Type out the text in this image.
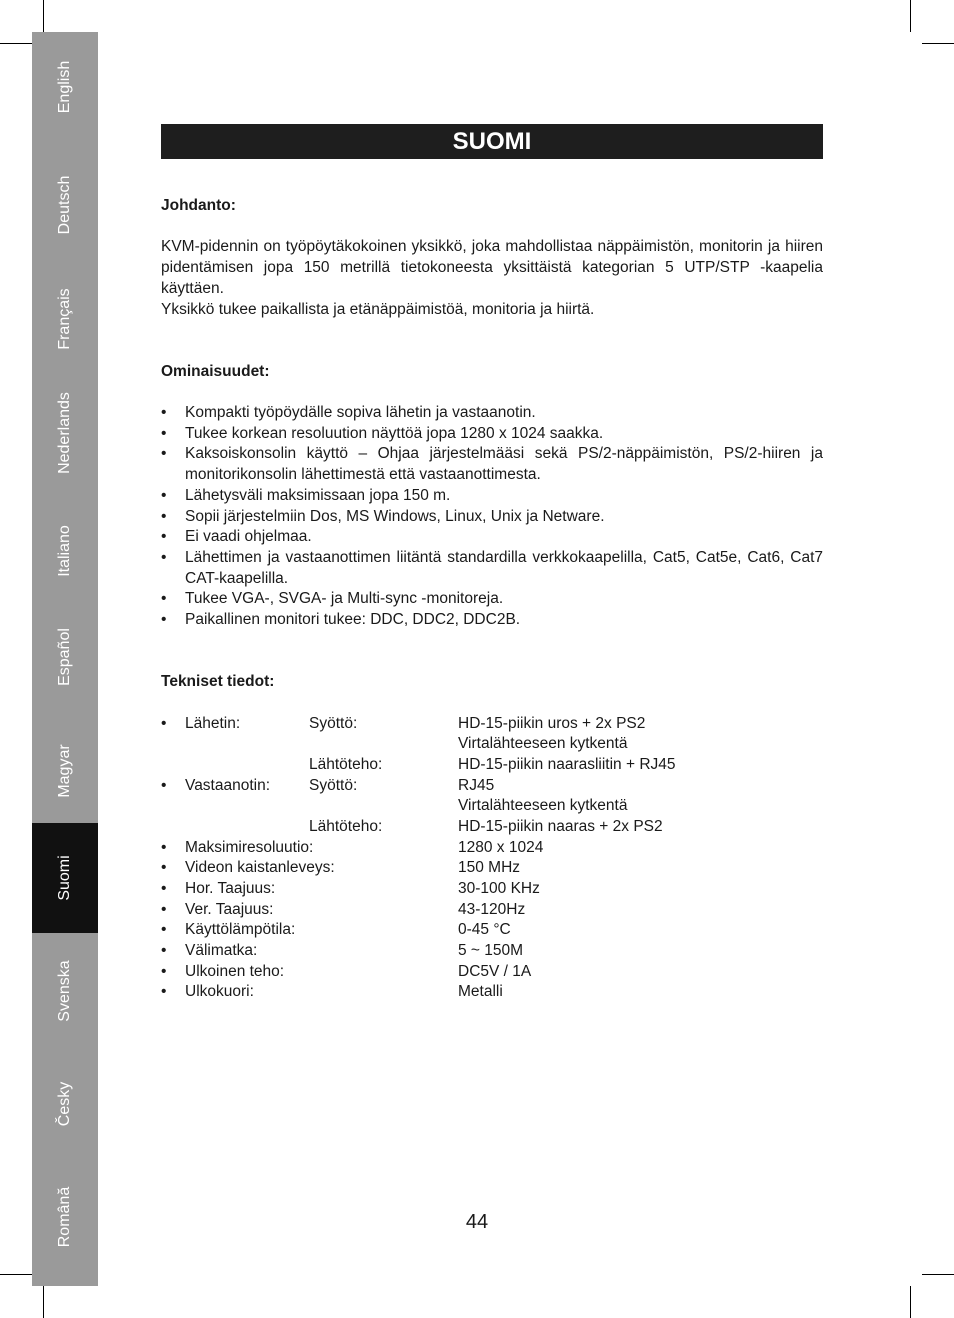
English
Deutsch
Français
Nederlands
Italiano
Español
Magyar
Suomi
Svenska
Česky
Română
SUOMI

Johdanto:

KVM-pidennin on työpöytäkokoinen yksikkö, joka mahdollistaa näppäimistön, monitorin ja hiiren pidentämisen jopa 150 metrillä tietokoneesta yksittäistä kategorian 5 UTP/STP -kaapelia käyttäen.

Yksikkö tukee paikallista ja etänäppäimistöä, monitoria ja hiirtä.

Ominaisuudet:

• Kompakti työpöydälle sopiva lähetin ja vastaanotin.
• Tukee korkean resoluution näyttöä jopa 1280 x 1024 saakka.
• Kaksoiskonsolin käyttö – Ohjaa järjestelmääsi sekä PS/2-näppäimistön, PS/2-hiiren ja monitorikonsolin lähettimestä että vastaanottimesta.
• Lähetysväli maksimissaan jopa 150 m.
• Sopii järjestelmiin Dos, MS Windows, Linux, Unix ja Netware.
• Ei vaadi ohjelmaa.
• Lähettimen ja vastaanottimen liitäntä standardilla verkkokaapelilla, Cat5, Cat5e, Cat6, Cat7 CAT-kaapelilla.
• Tukee VGA-, SVGA- ja Multi-sync -monitoreja.
• Paikallinen monitori tukee: DDC, DDC2, DDC2B.

Tekniset tiedot:

• Lähetin:	Syöttö:	HD-15-piikin uros + 2x PS2
Virtalähteeseen kytkentä
Lähtöteho:	HD-15-piikin naarasliitin + RJ45
• Vastaanotin:	Syöttö:	RJ45
Virtalähteeseen kytkentä
Lähtöteho:	HD-15-piikin naaras + 2x PS2
• Maksimiresoluutio:	1280 x 1024
• Videon kaistanleveys:	150 MHz
• Hor. Taajuus:	30-100 KHz
• Ver. Taajuus:	43-120Hz
• Käyttölämpötila:	0-45 °C
• Välimatka:	5 ~ 150M
• Ulkoinen teho:	DC5V / 1A
• Ulkokuori:	Metalli
44
